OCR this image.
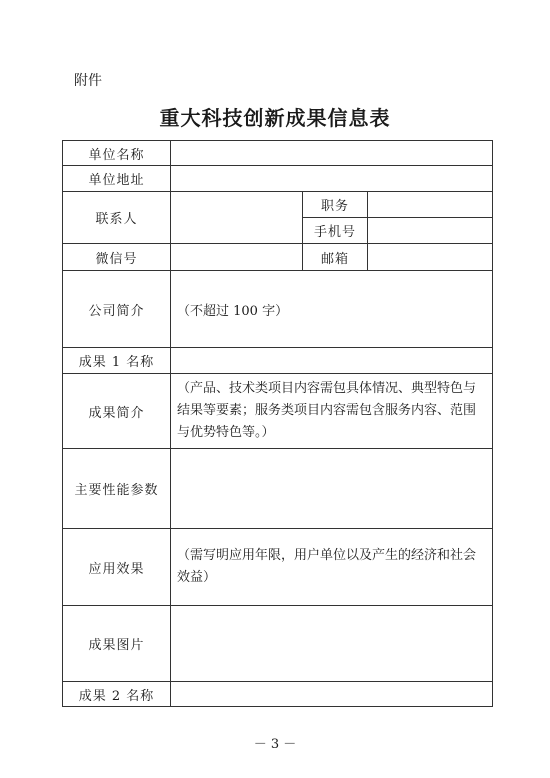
附件
重大科技创新成果信息表
单位名称			
单位地址			
联系人		职务	
		手机号	
微信号		邮箱	
公司简介	（不超过 100 字）		
成果 1 名称			
成果简介	（产品、技术类项目内容需包具体情况、典型特色与结果等要素；服务类项目内容需包含服务内容、范围与优势特色等。）		
主要性能参数			
应用效果	（需写明应用年限，用户单位以及产生的经济和社会效益）		
成果图片			
成果 2 名称			
－ 3 －
